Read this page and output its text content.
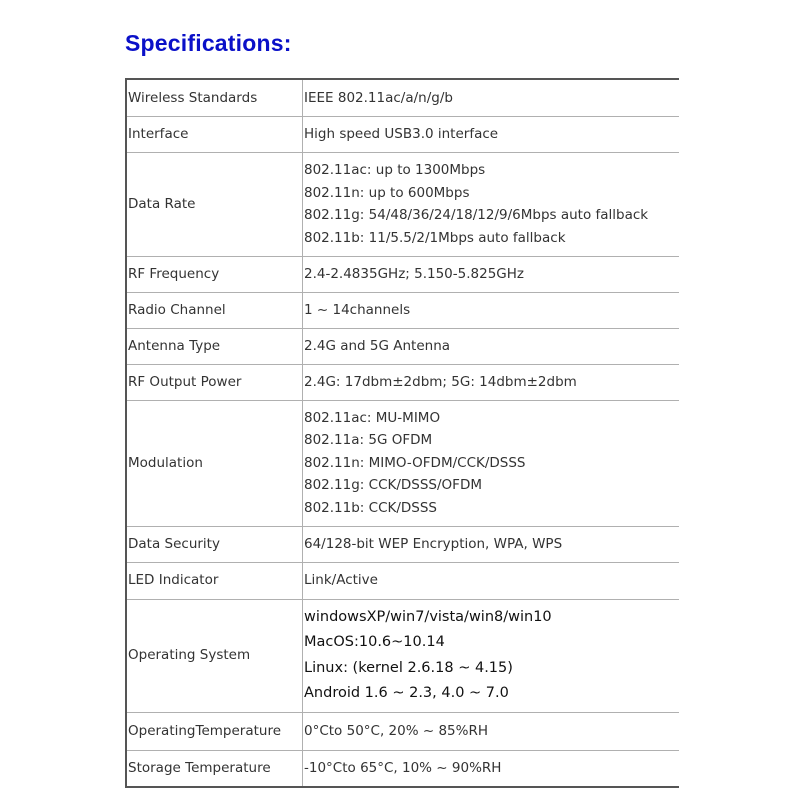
Specifications:
Wireless Standards	IEEE 802.11ac/a/n/g/b

Interface	High speed USB3.0 interface

Data Rate	802.11ac: up to 1300Mbps
802.11n: up to 600Mbps
802.11g: 54/48/36/24/18/12/9/6Mbps auto fallback
802.11b: 11/5.5/2/1Mbps auto fallback

RF Frequency	2.4-2.4835GHz; 5.150-5.825GHz

Radio Channel	1 ~ 14channels

Antenna Type	2.4G and 5G Antenna

RF Output Power	2.4G: 17dbm±2dbm; 5G: 14dbm±2dbm

Modulation	802.11ac: MU-MIMO
802.11a: 5G OFDM
802.11n: MIMO-OFDM/CCK/DSSS
802.11g: CCK/DSSS/OFDM
802.11b: CCK/DSSS

Data Security	64/128-bit WEP Encryption, WPA, WPS

LED Indicator	Link/Active

Operating System	windowsXP/win7/vista/win8/win10
MacOS:10.6~10.14
Linux: (kernel 2.6.18 ~ 4.15)
Android 1.6 ~ 2.3, 4.0 ~ 7.0

OperatingTemperature	0°Cto 50°C, 20% ~ 85%RH

Storage Temperature	-10°Cto 65°C, 10% ~ 90%RH
